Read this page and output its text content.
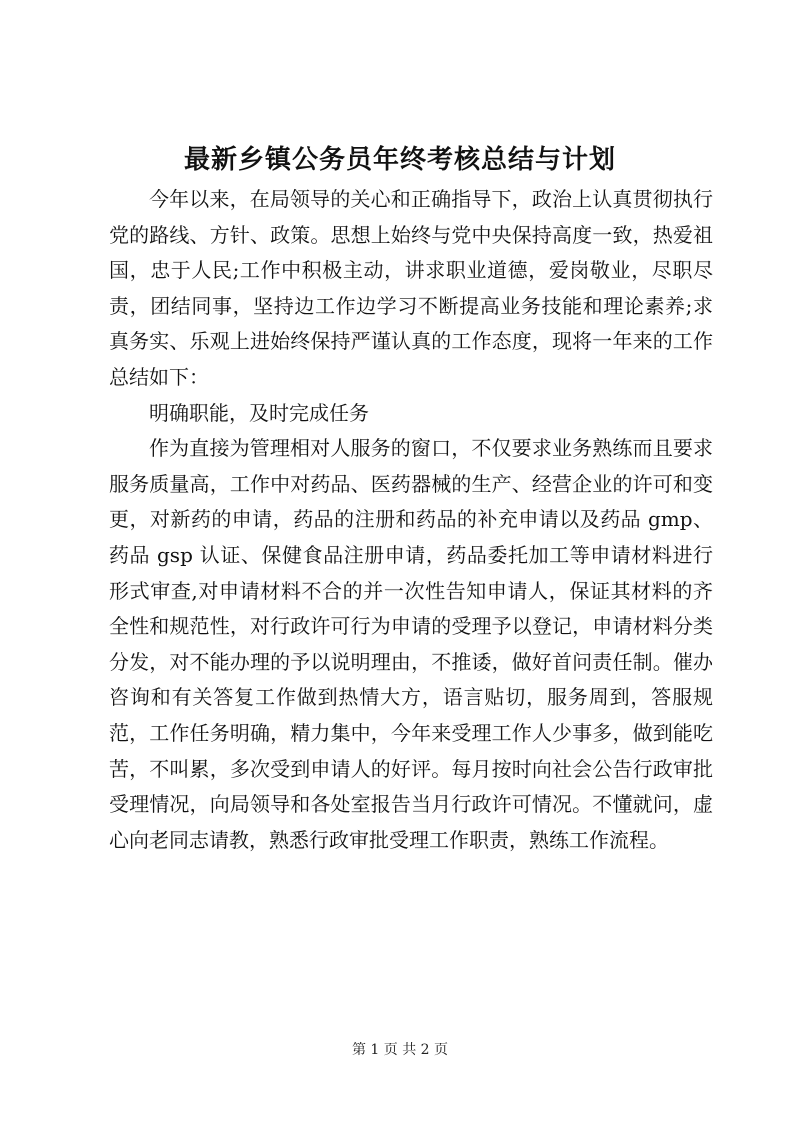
最新乡镇公务员年终考核总结与计划

今年以来，在局领导的关心和正确指导下，政治上认真贯彻执行党的路线、方针、政策。思想上始终与党中央保持高度一致，热爱祖国，忠于人民;工作中积极主动，讲求职业道德，爱岗敬业，尽职尽责，团结同事，坚持边工作边学习不断提高业务技能和理论素养;求真务实、乐观上进始终保持严谨认真的工作态度，现将一年来的工作总结如下：

明确职能，及时完成任务

作为直接为管理相对人服务的窗口，不仅要求业务熟练而且要求服务质量高，工作中对药品、医药器械的生产、经营企业的许可和变更，对新药的申请，药品的注册和药品的补充申请以及药品 gmp、药品 gsp 认证、保健食品注册申请，药品委托加工等申请材料进行形式审查,对申请材料不合的并一次性告知申请人，保证其材料的齐全性和规范性，对行政许可行为申请的受理予以登记，申请材料分类分发，对不能办理的予以说明理由，不推诿，做好首问责任制。催办咨询和有关答复工作做到热情大方，语言贴切，服务周到，答服规范，工作任务明确，精力集中，今年来受理工作人少事多，做到能吃苦，不叫累，多次受到申请人的好评。每月按时向社会公告行政审批受理情况，向局领导和各处室报告当月行政许可情况。不懂就问，虚心向老同志请教，熟悉行政审批受理工作职责，熟练工作流程。

第 1 页 共 2 页
